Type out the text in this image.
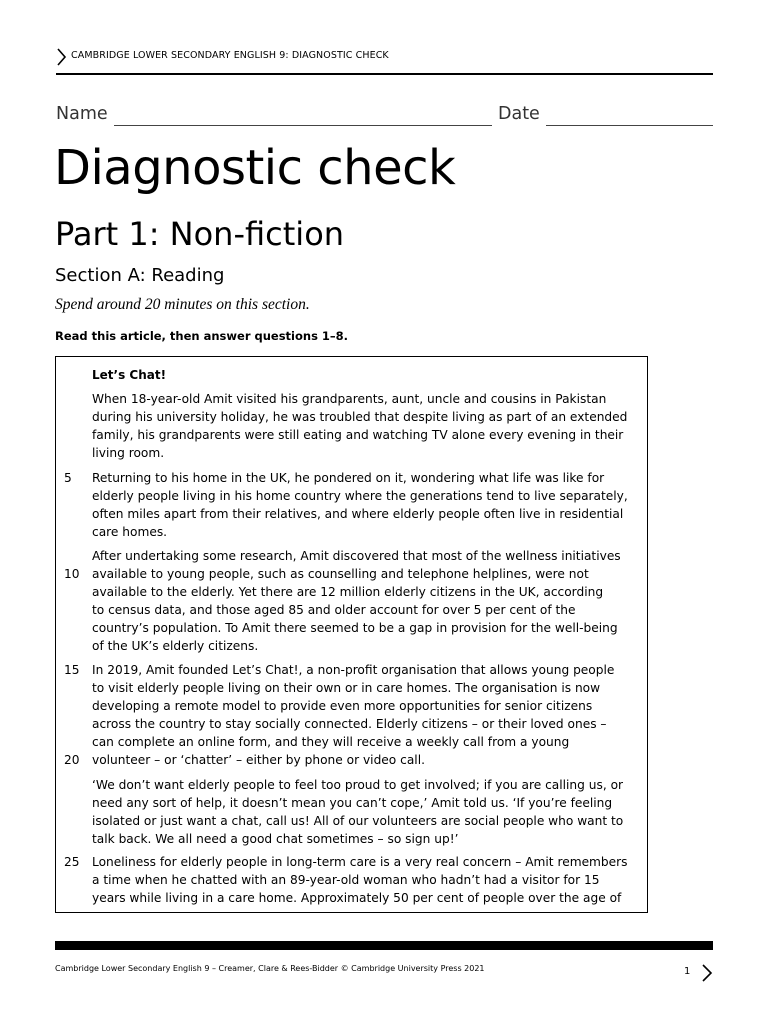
CAMBRIDGE LOWER SECONDARY ENGLISH 9: DIAGNOSTIC CHECK
Name	Date
Diagnostic check
Part 1: Non-fiction
Section A: Reading
Spend around 20 minutes on this section.
Read this article, then answer questions 1–8.
Let’s Chat!
When 18-year-old Amit visited his grandparents, aunt, uncle and cousins in Pakistan
during his university holiday, he was troubled that despite living as part of an extended
family, his grandparents were still eating and watching TV alone every evening in their
living room.
Returning to his home in the UK, he pondered on it, wondering what life was like for
elderly people living in his home country where the generations tend to live separately,
often miles apart from their relatives, and where elderly people often live in residential
care homes.
After undertaking some research, Amit discovered that most of the wellness initiatives
available to young people, such as counselling and telephone helplines, were not
available to the elderly. Yet there are 12 million elderly citizens in the UK, according
to census data, and those aged 85 and older account for over 5 per cent of the
country’s population. To Amit there seemed to be a gap in provision for the well-being
of the UK’s elderly citizens.
In 2019, Amit founded Let’s Chat!, a non-profit organisation that allows young people
to visit elderly people living on their own or in care homes. The organisation is now
developing a remote model to provide even more opportunities for senior citizens
across the country to stay socially connected. Elderly citizens – or their loved ones –
can complete an online form, and they will receive a weekly call from a young
volunteer – or ‘chatter’ – either by phone or video call.
‘We don’t want elderly people to feel too proud to get involved; if you are calling us, or
need any sort of help, it doesn’t mean you can’t cope,’ Amit told us. ‘If you’re feeling
isolated or just want a chat, call us! All of our volunteers are social people who want to
talk back. We all need a good chat sometimes – so sign up!’
Loneliness for elderly people in long-term care is a very real concern – Amit remembers
a time when he chatted with an 89-year-old woman who hadn’t had a visitor for 15
years while living in a care home. Approximately 50 per cent of people over the age of
5
10
15
20
25
Cambridge Lower Secondary English 9 – Creamer, Clare & Rees-Bidder © Cambridge University Press 2021	1
